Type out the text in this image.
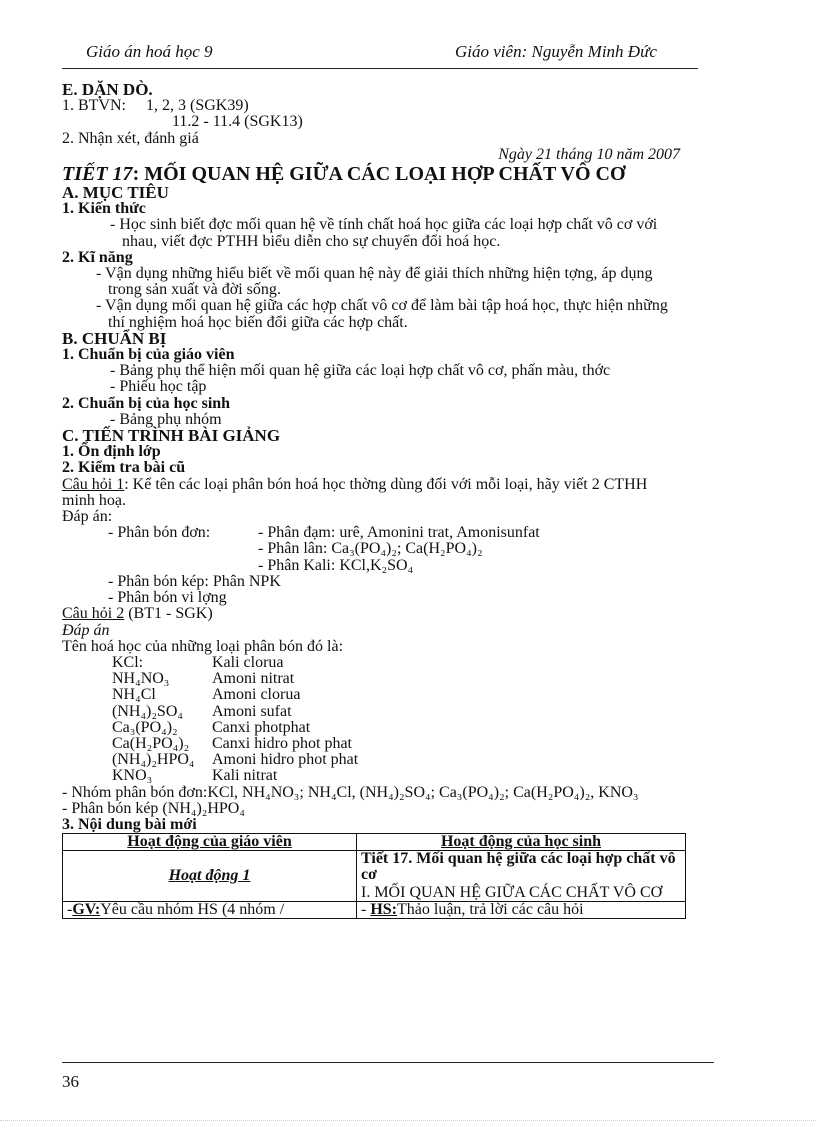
Giáo án hoá học 9	Giáo viên: Nguyễn Minh Đức

E. DẶN DÒ.

1. BTVN: 1, 2, 3 (SGK39)

11.2 - 11.4 (SGK13)

2. Nhận xét, đánh giá

Ngày 21 tháng 10 năm 2007

TIẾT 17: MỐI QUAN HỆ GIỮA CÁC LOẠI HỢP CHẤT VÔ CƠ

A. MỤC TIÊU

1. Kiến thức

- Học sinh biết đợc mối quan hệ về tính chất hoá học giữa các loại hợp chất vô cơ với nhau, viết đợc PTHH biểu diễn cho sự chuyển đổi hoá học.

2. Kĩ năng

- Vận dụng những hiểu biết về mối quan hệ này để giải thích những hiện tợng, áp dụng trong sản xuất và đời sống.

- Vận dụng mối quan hệ giữa các hợp chất vô cơ để làm bài tập hoá học, thực hiện những thí nghiệm hoá học biến đổi giữa các hợp chất.

B. CHUẨN BỊ

1. Chuẩn bị của giáo viên

- Bảng phụ thể hiện mối quan hệ giữa các loại hợp chất vô cơ, phấn màu, thớc

- Phiếu học tập

2. Chuẩn bị của học sinh

- Bảng phụ nhóm

C. TIẾN TRÌNH BÀI GIẢNG

1. Ổn định lớp

2. Kiểm tra bài cũ

Câu hỏi 1: Kể tên các loại phân bón hoá học thờng dùng đối với mỗi loại, hãy viết 2 CTHH minh hoạ.

Đáp án:

- Phân bón đơn:	- Phân đạm: urê, Amonini trat, Amonisunfat

- Phân lân: Ca₃(PO₄)₂; Ca(H₂PO₄)₂

- Phân Kali: KCl,K₂SO₄

- Phân bón kép: Phân NPK

- Phân bón vi lợng

Câu hỏi 2 (BT1 - SGK)

Đáp án

Tên hoá học của những loại phân bón đó là:

KCl:	Kali clorua

NH₄NO₃	Amoni nitrat

NH₄Cl	Amoni clorua

(NH₄)₂SO₄	Amoni sufat

Ca₃(PO₄)₂	Canxi photphat

Ca(H₂PO₄)₂	Canxi hidro phot phat

(NH₄)₂HPO₄	Amoni hidro phot phat

KNO₃	Kali nitrat

- Nhóm phân bón đơn:KCl, NH₄NO₃; NH₄Cl, (NH₄)₂SO₄; Ca₃(PO₄)₂; Ca(H₂PO₄)₂, KNO₃

- Phân bón kép (NH₄)₂HPO₄

3. Nội dung bài mới

Hoạt động của giáo viên	Hoạt động của học sinh
Hoạt động 1	Tiết 17. Mối quan hệ giữa các loại hợp chất vô cơ
I. MỐI QUAN HỆ GIỮA CÁC CHẤT VÔ CƠ

-GV:Yêu cầu nhóm HS (4 nhóm /	- HS:Thảo luận, trả lời các câu hỏi
36
